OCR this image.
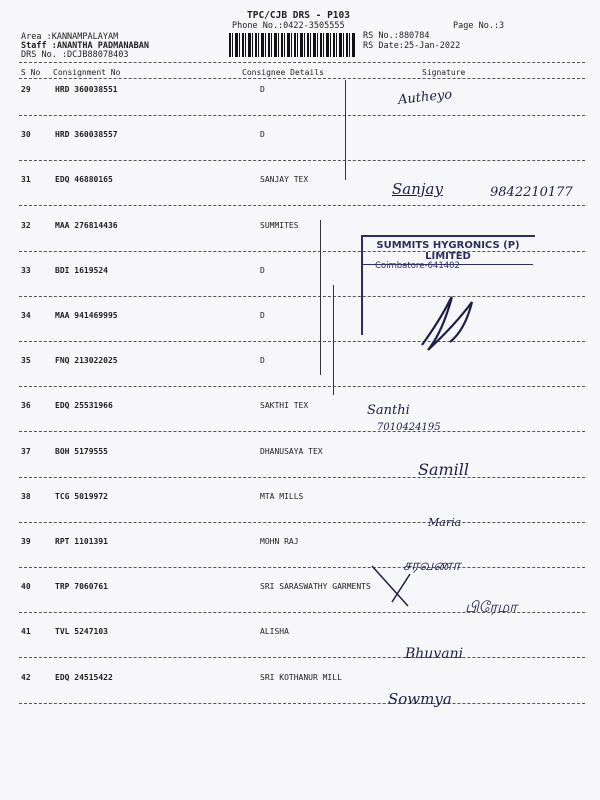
TPC/CJB DRS - P103
Phone No.:0422-3505555
Area :KANNAMPALAYAM
Staff :ANANTHA PADMANABAN
DRS No. :DCJB88078403
RS No.:880784
RS Date:25-Jan-2022
Page No.:3
S No Consignment No	Consignee Details	Signature
29	HRD 360038551	D
30	HRD 360038557	D
31	EDQ 46880165	SANJAY TEX
32	MAA 276814436	SUMMITES
33	BDI 1619524	D
34	MAA 941469995	D
35	FNQ 213022025	D
36	EDQ 25531966	SAKTHI TEX
37	BOH 5179555	DHANUSAYA TEX
38	TCG 5019972	MTA MILLS
39	RPT 1101391	MOHN RAJ
40	TRP 7060761	SRI SARASWATHY GARMENTS
41	TVL 5247103	ALISHA
42	EDQ 24515422	SRI KOTHANUR MILL
SUMMITS HYGRONICS (P) LIMITED
Coimbatore-641402
Autheyo
Sanjay	9842210177
Santhi
7010424195
Samill
Maria
சரவணா
பிரேமா
Bhuvani
Sowmya
